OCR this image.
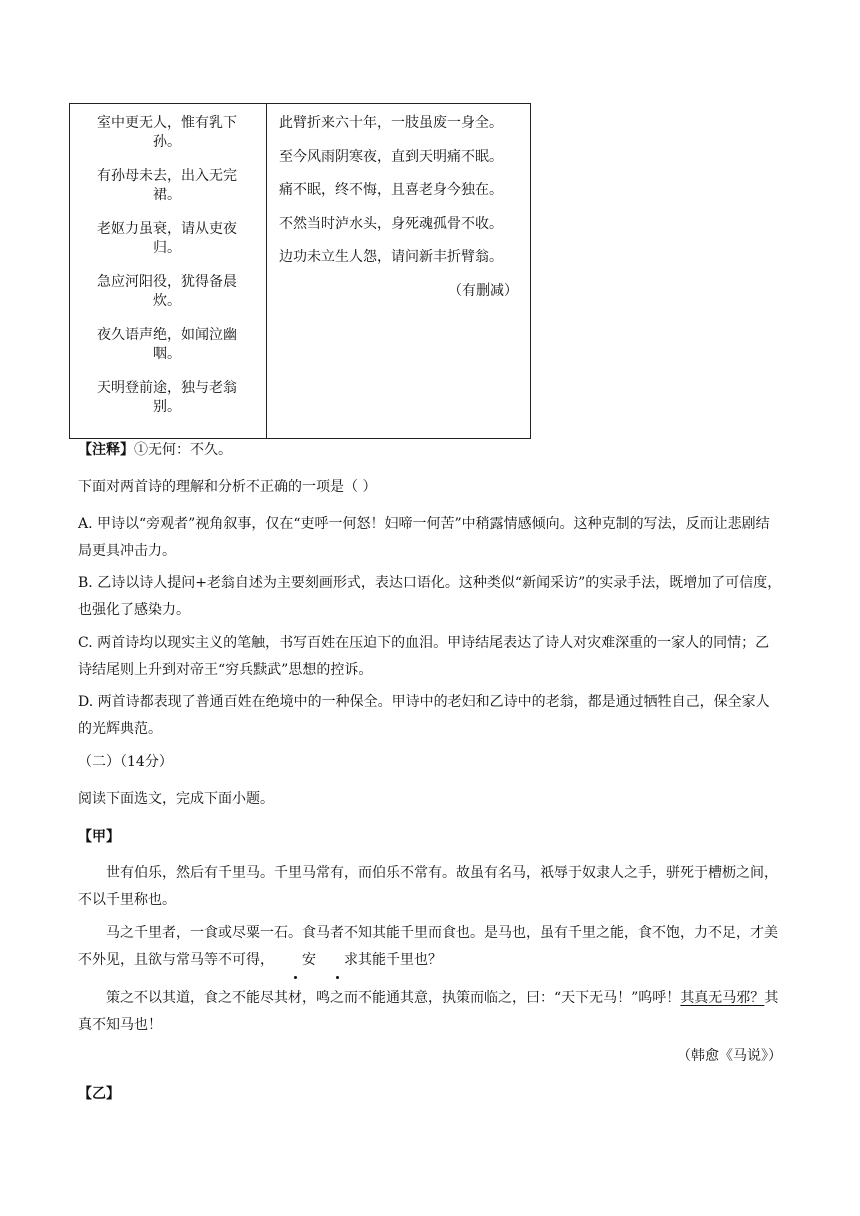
室中更无人，惟有乳下孙。
有孙母未去，出入无完裙。
老妪力虽衰，请从吏夜归。
急应河阳役，犹得备晨炊。
夜久语声绝，如闻泣幽咽。
天明登前途，独与老翁别。
此臂折来六十年，一肢虽废一身全。
至今风雨阴寒夜，直到天明痛不眠。
痛不眠，终不悔，且喜老身今独在。
不然当时泸水头，身死魂孤骨不收。
边功未立生人怨，请问新丰折臂翁。
（有删减）
【注释】①无何：不久。
下面对两首诗的理解和分析不正确的一项是（ ）
A. 甲诗以“旁观者”视角叙事，仅在“吏呼一何怒！妇啼一何苦”中稍露情感倾向。这种克制的写法，反而让悲剧结局更具冲击力。
B. 乙诗以诗人提问+老翁自述为主要刻画形式，表达口语化。这种类似“新闻采访”的实录手法，既增加了可信度，也强化了感染力。
C. 两首诗均以现实主义的笔触，书写百姓在压迫下的血泪。甲诗结尾表达了诗人对灾难深重的一家人的同情；乙诗结尾则上升到对帝王“穷兵黩武”思想的控诉。
D. 两首诗都表现了普通百姓在绝境中的一种保全。甲诗中的老妇和乙诗中的老翁，都是通过牺牲自己，保全家人的光辉典范。
（二）（14分）
阅读下面选文，完成下面小题。
【甲】
世有伯乐，然后有千里马。千里马常有，而伯乐不常有。故虽有名马，祇辱于奴隶人之手，骈死于槽枥之间，不以千里称也。
马之千里者，一食或尽粟一石。食马者不知其能千里而食也。是马也，虽有千里之能，食不饱，力不足，才美不外见，且欲与常马等不可得， 安 求其能千里也？
策之不以其道，食之不能尽其材，鸣之而不能通其意，执策而临之，曰：“天下无马！”呜呼！其真无马邪？其真不知马也！
（韩愈《马说》）
【乙】
